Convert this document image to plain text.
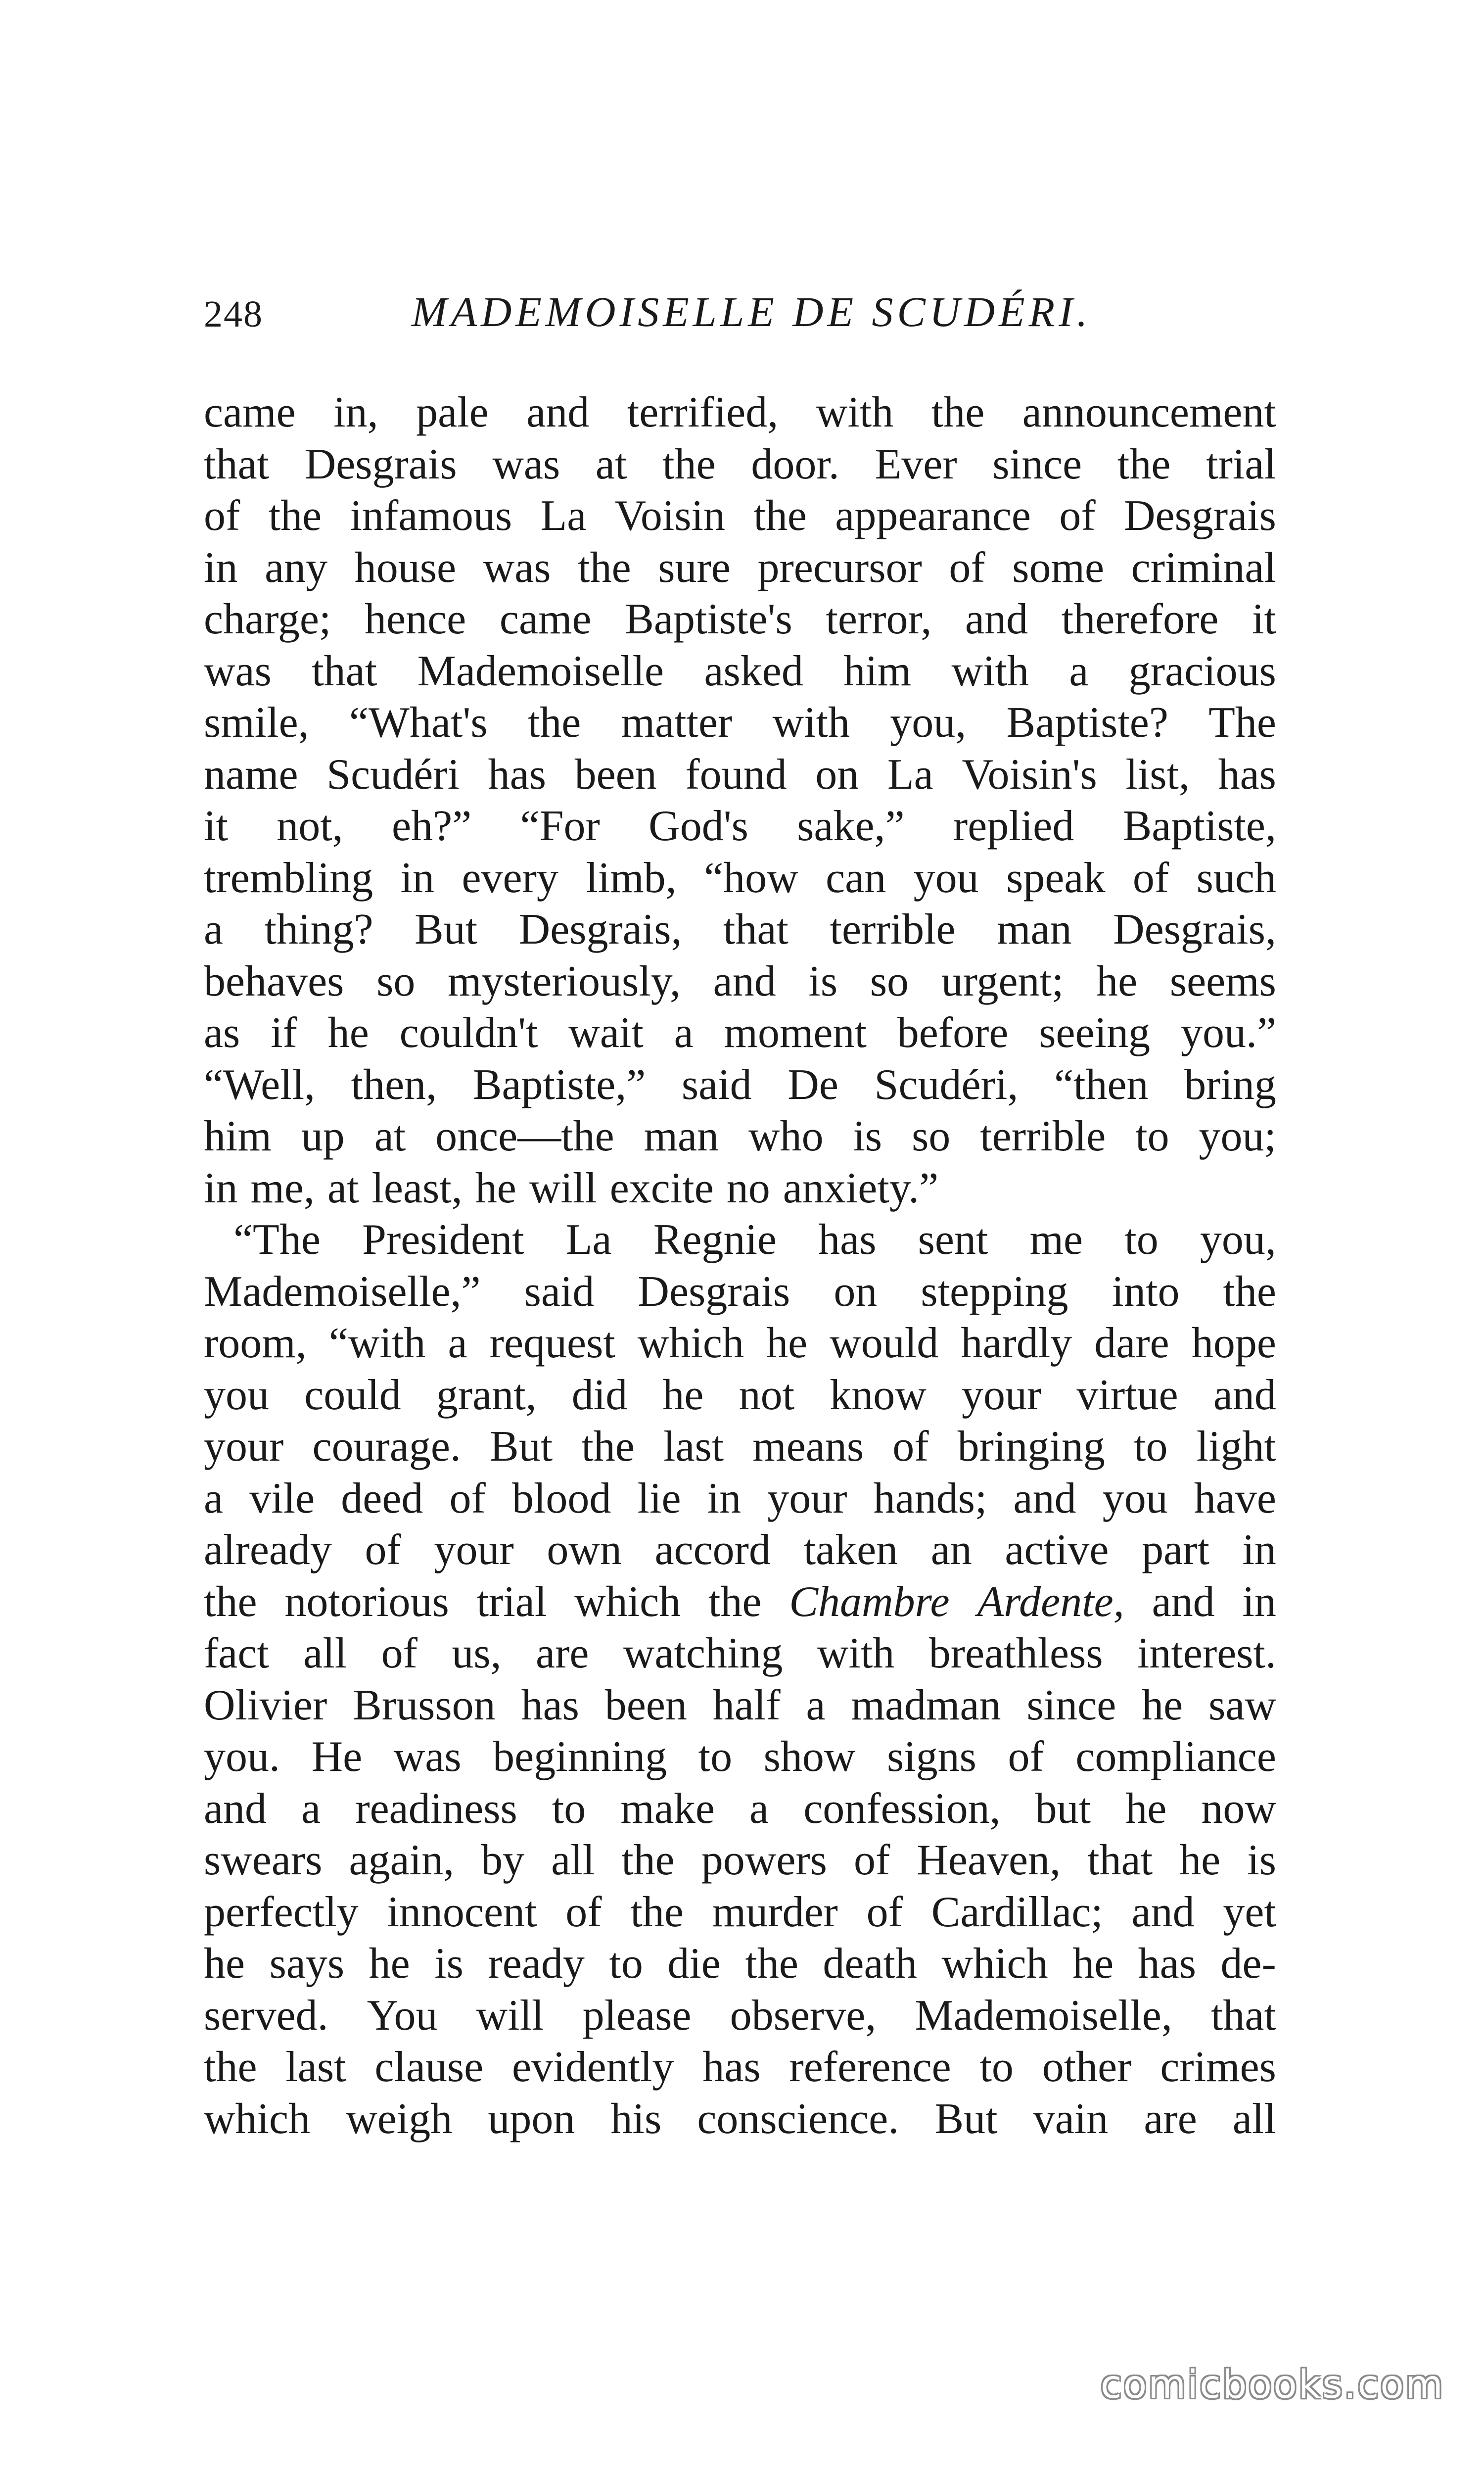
248	MADEMOISELLE DE SCUDÉRI.
came in, pale and terrified, with the announcement
that Desgrais was at the door. Ever since the trial
of the infamous La Voisin the appearance of Desgrais
in any house was the sure precursor of some criminal
charge; hence came Baptiste's terror, and therefore it
was that Mademoiselle asked him with a gracious
smile, “What's the matter with you, Baptiste? The
name Scudéri has been found on La Voisin's list, has
it not, eh?” “For God's sake,” replied Baptiste,
trembling in every limb, “how can you speak of such
a thing? But Desgrais, that terrible man Desgrais,
behaves so mysteriously, and is so urgent; he seems
as if he couldn't wait a moment before seeing you.”
“Well, then, Baptiste,” said De Scudéri, “then bring
him up at once—the man who is so terrible to you;
in me, at least, he will excite no anxiety.”
“The President La Regnie has sent me to you,
Mademoiselle,” said Desgrais on stepping into the
room, “with a request which he would hardly dare hope
you could grant, did he not know your virtue and
your courage. But the last means of bringing to light
a vile deed of blood lie in your hands; and you have
already of your own accord taken an active part in
the notorious trial which the Chambre Ardente, and in
fact all of us, are watching with breathless interest.
Olivier Brusson has been half a madman since he saw
you. He was beginning to show signs of compliance
and a readiness to make a confession, but he now
swears again, by all the powers of Heaven, that he is
perfectly innocent of the murder of Cardillac; and yet
he says he is ready to die the death which he has de-
served. You will please observe, Mademoiselle, that
the last clause evidently has reference to other crimes
which weigh upon his conscience. But vain are all
comicbooks.com
